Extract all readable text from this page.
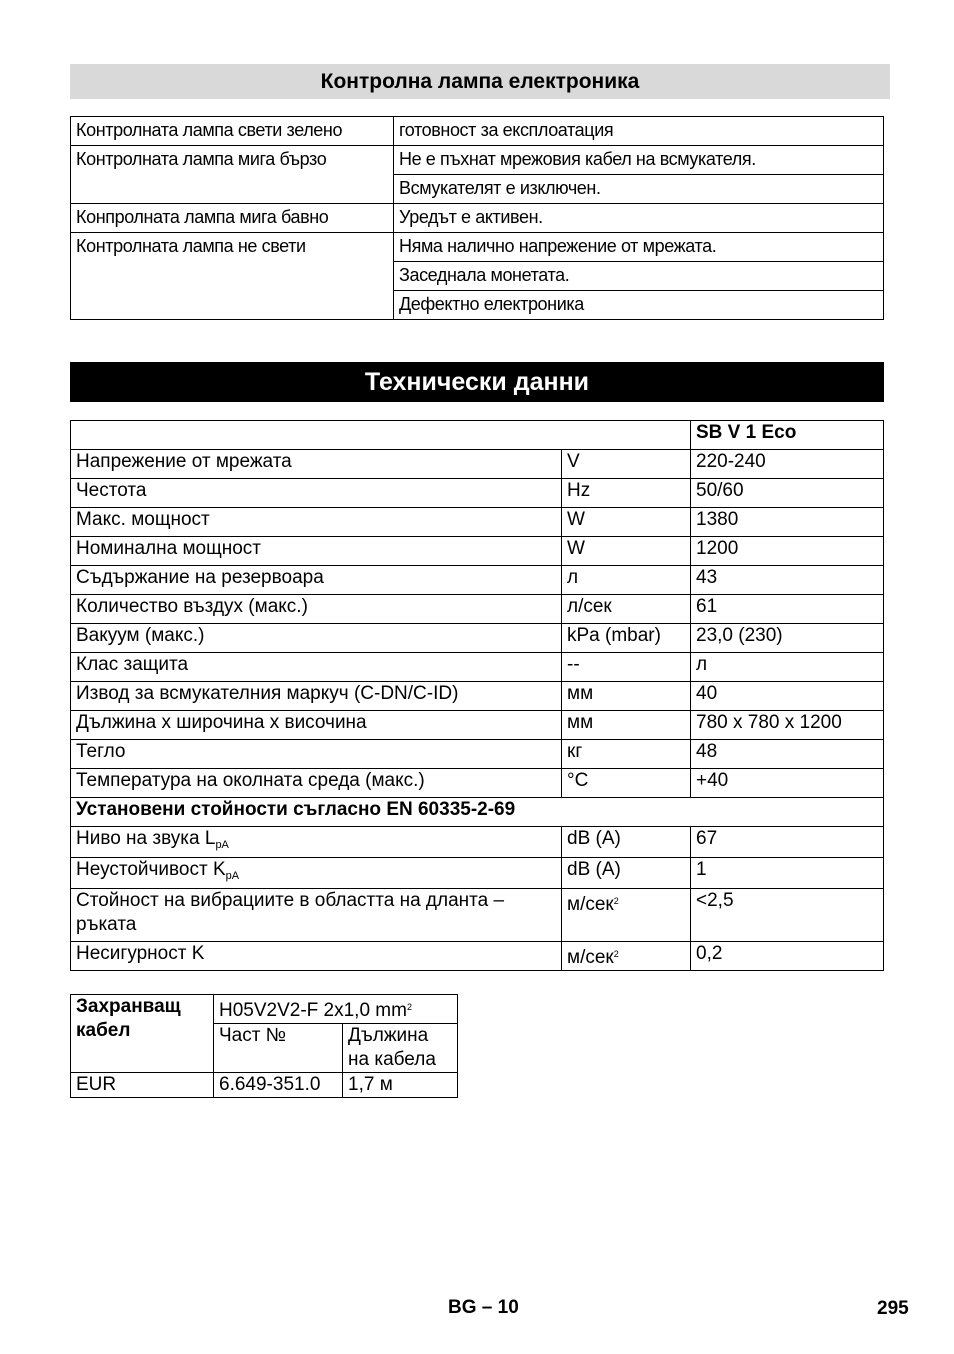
Контролна лампа електроника
Контролната лампа свети зелено	готовност за експлоатация
Контролната лампа мига бързо	Не е пъхнат мрежовия кабел на всмукателя.
	Всмукателят е изключен.
Конпролната лампа мига бавно	Уредът е активен.
Контролната лампа не свети	Няма налично напрежение от мрежата.
	Заседнала монетата.
	Дефектно електроника
Технически данни
		SB V 1 Eco
Напрежение от мрежата	V	220-240
Честота	Hz	50/60
Макс. мощност	W	1380
Номинална мощност	W	1200
Съдържание на резервоара	л	43
Количество въздух (макс.)	л/сек	61
Вакуум (макс.)	kPa (mbar)	23,0 (230)
Клас защита	--	л
Извод за всмукателния маркуч (C-DN/C-ID)	мм	40
Дължина x широчина x височина	мм	780 x 780 x 1200
Тегло	кг	48
Температура на околната среда (макс.)	°C	+40
Установени стойности съгласно EN 60335-2-69		
Ниво на звука $L_{pA}$	dB (A)	67
Неустойчивост $K_{pA}$	dB (A)	1
Стойност на вибрациите в областта на дланта – ръката	м/сек$^2$	<2,5
Несигурност K	м/сек$^2$	0,2
Захранващ кабел	H05V2V2-F 2x1,0 $mm^2$
	Част №	Дължина на кабела
EUR	6.649-351.0	1,7 м
BG – 10	295
